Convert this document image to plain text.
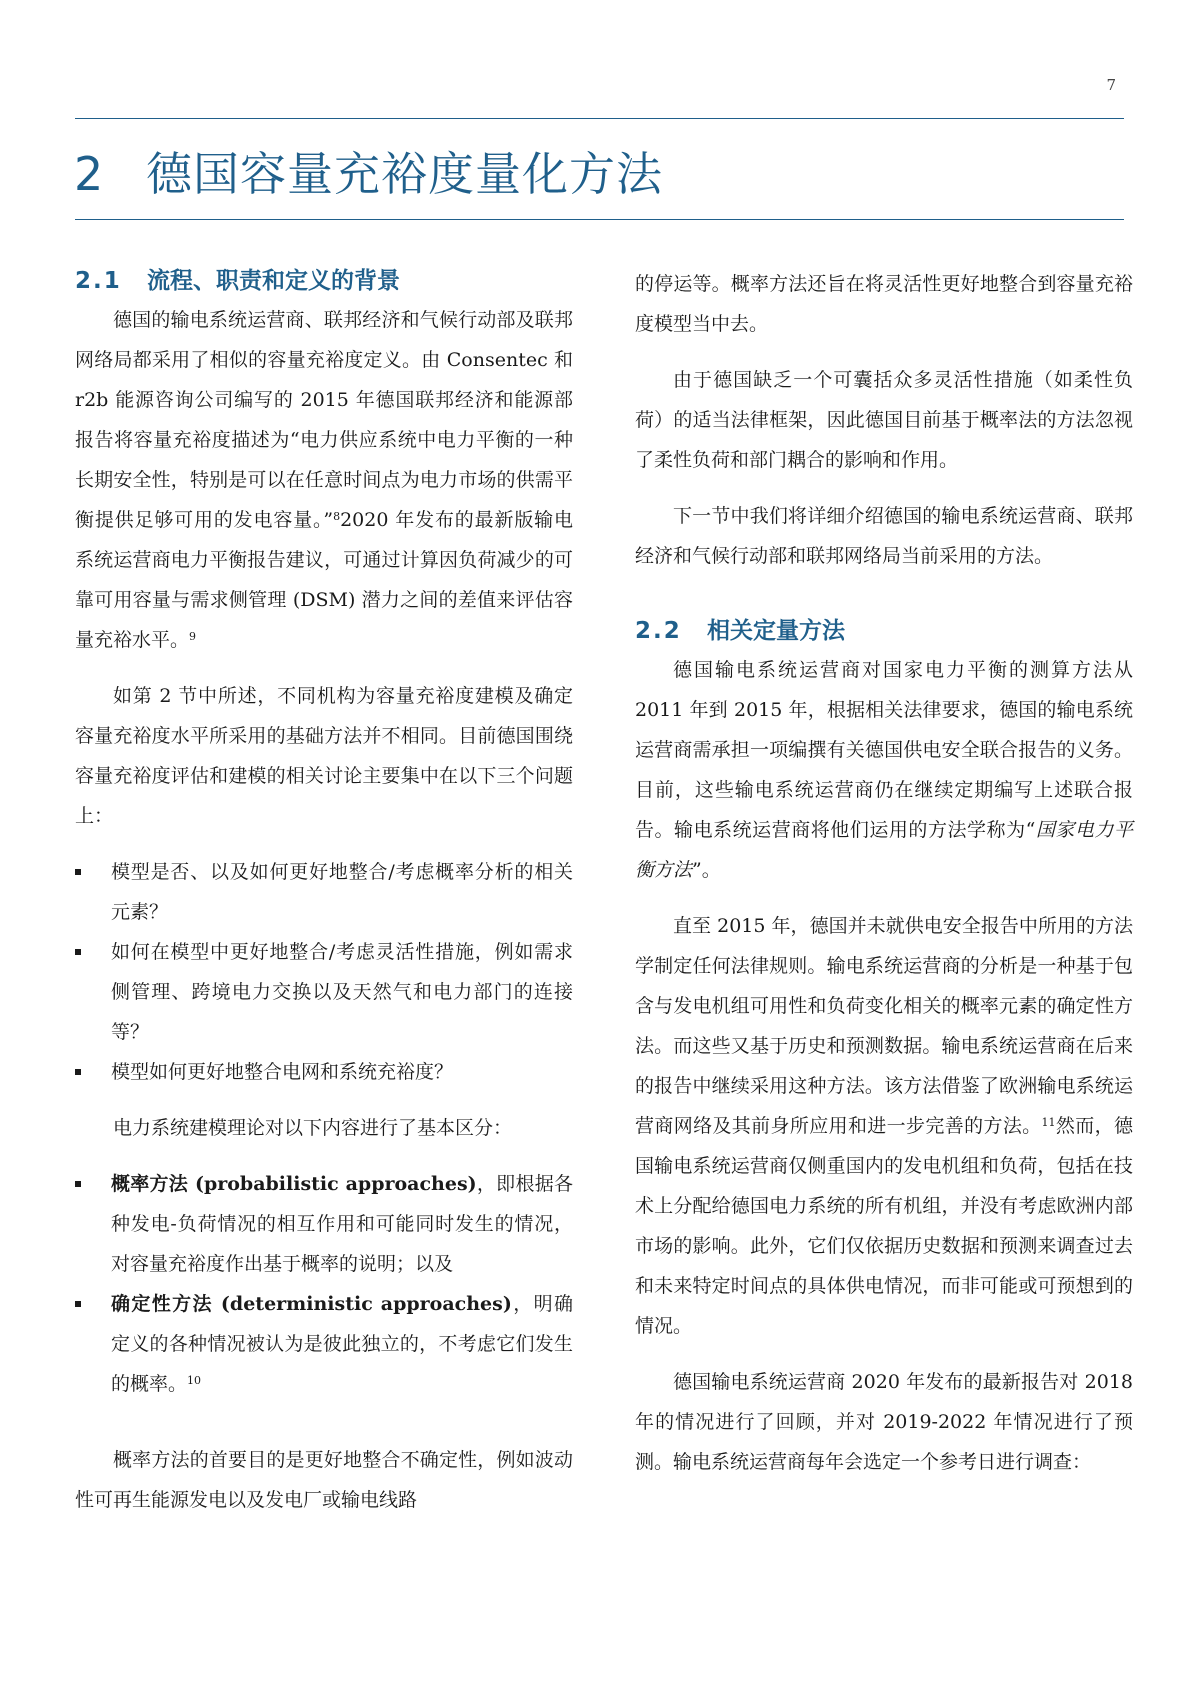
7
2 德国容量充裕度量化方法
2.1 流程、职责和定义的背景

德国的输电系统运营商、联邦经济和气候行动部及联邦网络局都采用了相似的容量充裕度定义。由 Consentec 和 r2b 能源咨询公司编写的 2015 年德国联邦经济和能源部报告将容量充裕度描述为“电力供应系统中电力平衡的一种长期安全性，特别是可以在任意时间点为电力市场的供需平衡提供足够可用的发电容量。”$^8$2020 年发布的最新版输电系统运营商电力平衡报告建议，可通过计算因负荷减少的可靠可用容量与需求侧管理 (DSM) 潜力之间的差值来评估容量充裕水平。$^9$

如第 2 节中所述，不同机构为容量充裕度建模及确定容量充裕度水平所采用的基础方法并不相同。目前德国围绕容量充裕度评估和建模的相关讨论主要集中在以下三个问题上：

模型是否、以及如何更好地整合/考虑概率分析的相关元素？
如何在模型中更好地整合/考虑灵活性措施，例如需求侧管理、跨境电力交换以及天然气和电力部门的连接等？
模型如何更好地整合电网和系统充裕度？

电力系统建模理论对以下内容进行了基本区分：

概率方法 (probabilistic approaches)，即根据各种发电-负荷情况的相互作用和可能同时发生的情况，对容量充裕度作出基于概率的说明；以及
确定性方法 (deterministic approaches)，明确定义的各种情况被认为是彼此独立的，不考虑它们发生的概率。$^{10}$

概率方法的首要目的是更好地整合不确定性，例如波动性可再生能源发电以及发电厂或输电线路

的停运等。概率方法还旨在将灵活性更好地整合到容量充裕度模型当中去。

由于德国缺乏一个可囊括众多灵活性措施（如柔性负荷）的适当法律框架，因此德国目前基于概率法的方法忽视了柔性负荷和部门耦合的影响和作用。

下一节中我们将详细介绍德国的输电系统运营商、联邦经济和气候行动部和联邦网络局当前采用的方法。

2.2 相关定量方法

德国输电系统运营商对国家电力平衡的测算方法从 2011 年到 2015 年，根据相关法律要求，德国的输电系统运营商需承担一项编撰有关德国供电安全联合报告的义务。目前，这些输电系统运营商仍在继续定期编写上述联合报告。输电系统运营商将他们运用的方法学称为“国家电力平衡方法”。

直至 2015 年，德国并未就供电安全报告中所用的方法学制定任何法律规则。输电系统运营商的分析是一种基于包含与发电机组可用性和负荷变化相关的概率元素的确定性方法。而这些又基于历史和预测数据。输电系统运营商在后来的报告中继续采用这种方法。该方法借鉴了欧洲输电系统运营商网络及其前身所应用和进一步完善的方法。$^{11}$然而，德国输电系统运营商仅侧重国内的发电机组和负荷，包括在技术上分配给德国电力系统的所有机组，并没有考虑欧洲内部市场的影响。此外，它们仅依据历史数据和预测来调查过去和未来特定时间点的具体供电情况，而非可能或可预想到的情况。

德国输电系统运营商 2020 年发布的最新报告对 2018 年的情况进行了回顾，并对 2019-2022 年情况进行了预测。输电系统运营商每年会选定一个参考日进行调查：
